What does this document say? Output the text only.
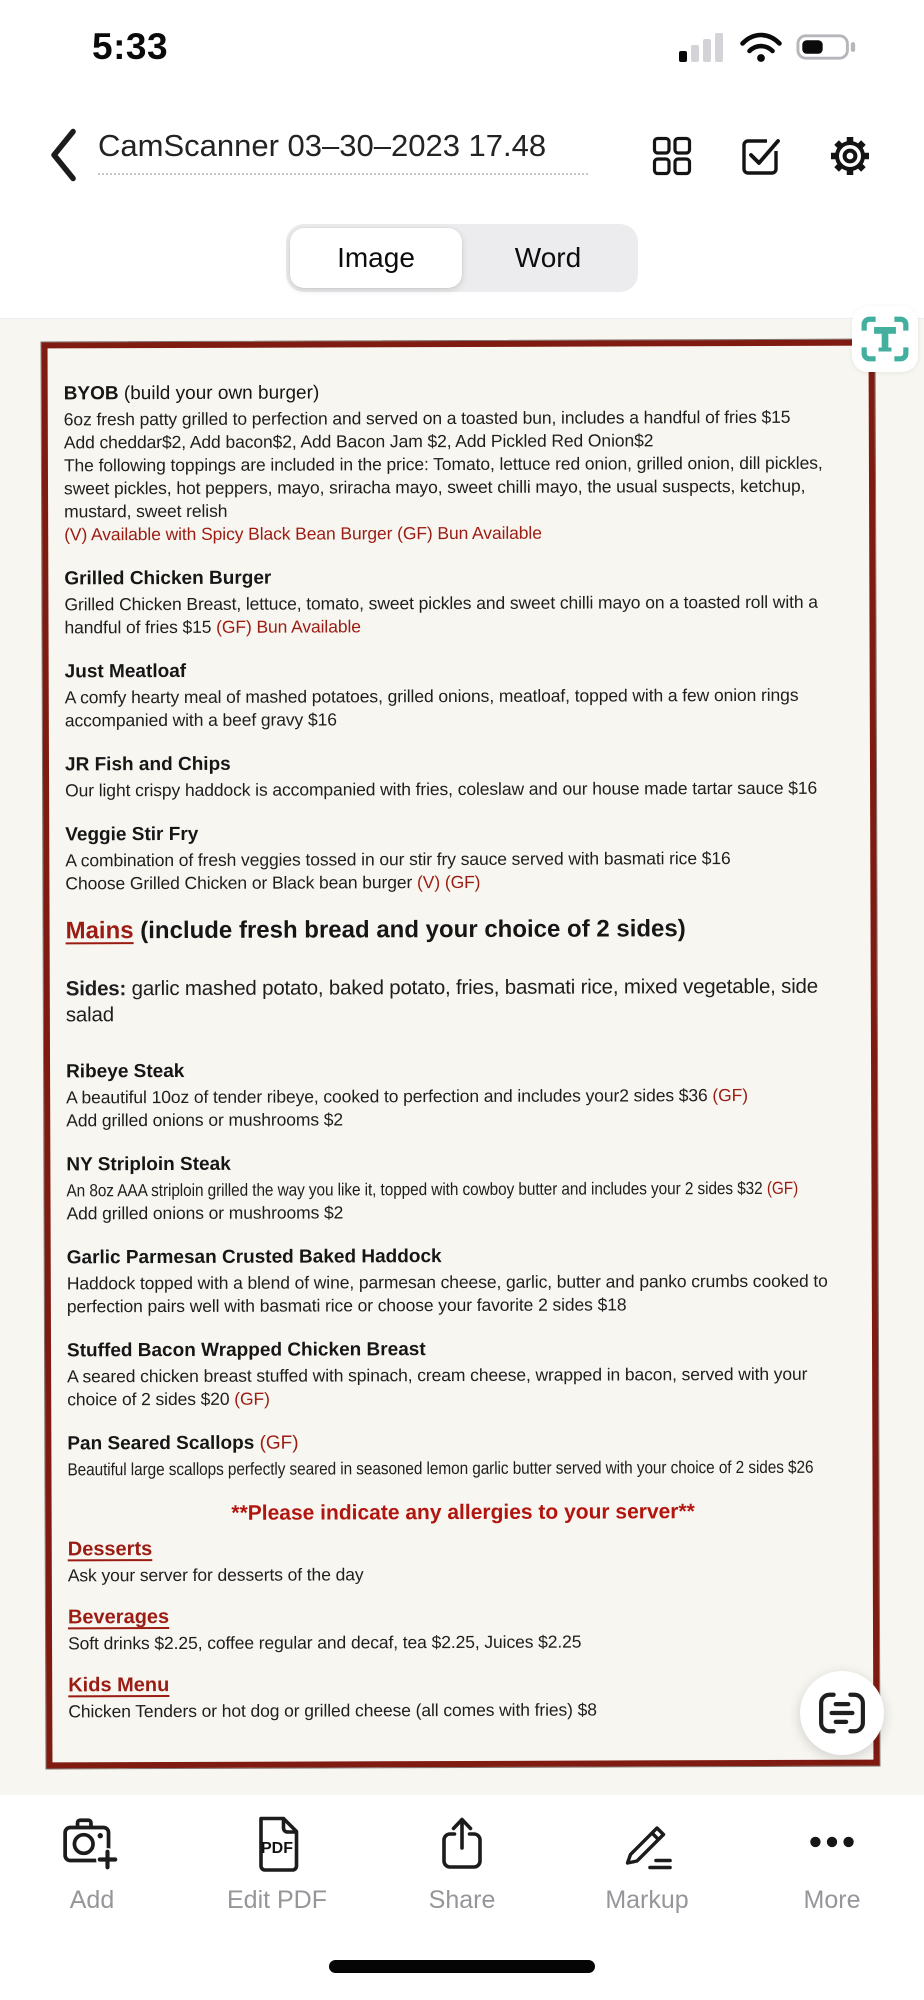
5:33
CamScanner 03–30–2023 17.48
Image	Word
BYOB (build your own burger)
6oz fresh patty grilled to perfection and served on a toasted bun, includes a handful of fries $15
Add cheddar$2, Add bacon$2, Add Bacon Jam $2, Add Pickled Red Onion$2
The following toppings are included in the price: Tomato, lettuce red onion, grilled onion, dill pickles, sweet pickles, hot peppers, mayo, sriracha mayo, sweet chilli mayo, the usual suspects, ketchup, mustard, sweet relish
(V) Available with Spicy Black Bean Burger (GF) Bun Available
Grilled Chicken Burger
Grilled Chicken Breast, lettuce, tomato, sweet pickles and sweet chilli mayo on a toasted roll with a handful of fries $15 (GF) Bun Available
Just Meatloaf
A comfy hearty meal of mashed potatoes, grilled onions, meatloaf, topped with a few onion rings accompanied with a beef gravy $16
JR Fish and Chips
Our light crispy haddock is accompanied with fries, coleslaw and our house made tartar sauce $16
Veggie Stir Fry
A combination of fresh veggies tossed in our stir fry sauce served with basmati rice $16
Choose Grilled Chicken or Black bean burger (V) (GF)
Mains (include fresh bread and your choice of 2 sides)
Sides: garlic mashed potato, baked potato, fries, basmati rice, mixed vegetable, side salad
Ribeye Steak
A beautiful 10oz of tender ribeye, cooked to perfection and includes your2 sides $36 (GF)
Add grilled onions or mushrooms $2
NY Striploin Steak
An 8oz AAA striploin grilled the way you like it, topped with cowboy butter and includes your 2 sides $32 (GF)
Add grilled onions or mushrooms $2
Garlic Parmesan Crusted Baked Haddock
Haddock topped with a blend of wine, parmesan cheese, garlic, butter and panko crumbs cooked to perfection pairs well with basmati rice or choose your favorite 2 sides $18
Stuffed Bacon Wrapped Chicken Breast
A seared chicken breast stuffed with spinach, cream cheese, wrapped in bacon, served with your choice of 2 sides $20 (GF)
Pan Seared Scallops (GF)
Beautiful large scallops perfectly seared in seasoned lemon garlic butter served with your choice of 2 sides $26
**Please indicate any allergies to your server**
Desserts
Ask your server for desserts of the day
Beverages
Soft drinks $2.25, coffee regular and decaf, tea $2.25, Juices $2.25
Kids Menu
Chicken Tenders or hot dog or grilled cheese (all comes with fries) $8
Add
PDF
Edit PDF	Share	Markup	More
